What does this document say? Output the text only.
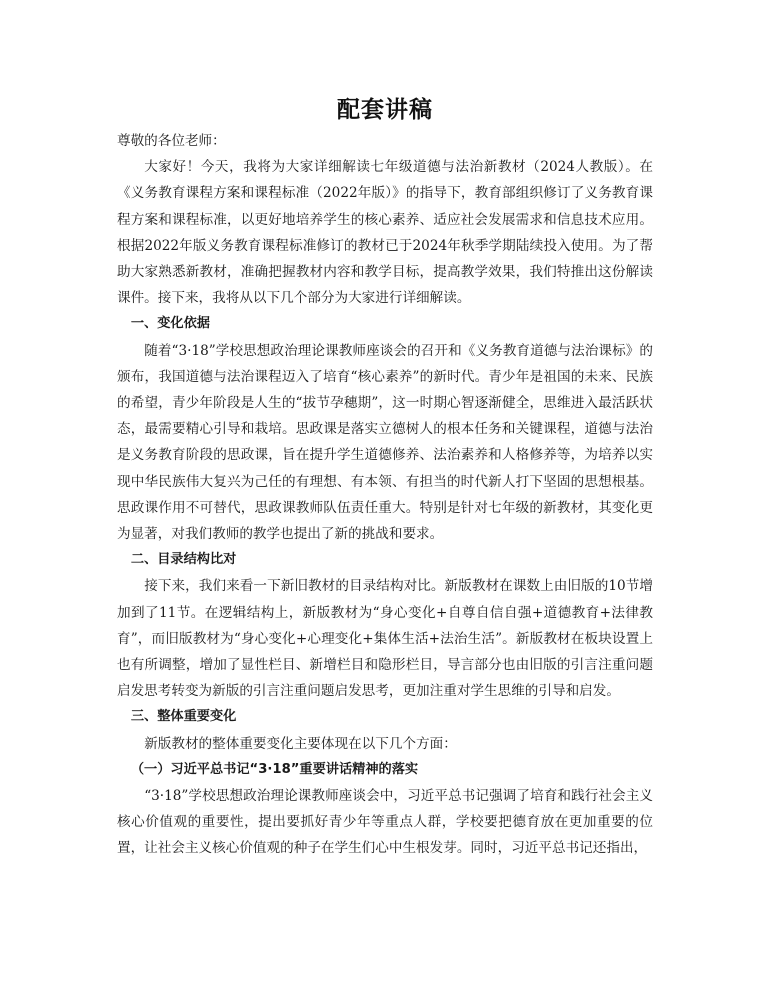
配套讲稿

尊敬的各位老师：

大家好！今天，我将为大家详细解读七年级道德与法治新教材（2024人教版）。在《义务教育课程方案和课程标准（2022年版）》的指导下，教育部组织修订了义务教育课程方案和课程标准，以更好地培养学生的核心素养、适应社会发展需求和信息技术应用。根据2022年版义务教育课程标准修订的教材已于2024年秋季学期陆续投入使用。为了帮助大家熟悉新教材，准确把握教材内容和教学目标，提高教学效果，我们特推出这份解读课件。接下来，我将从以下几个部分为大家进行详细解读。

一、变化依据

随着“3·18”学校思想政治理论课教师座谈会的召开和《义务教育道德与法治课标》的颁布，我国道德与法治课程迈入了培育“核心素养”的新时代。青少年是祖国的未来、民族的希望，青少年阶段是人生的“拔节孕穗期”，这一时期心智逐渐健全，思维进入最活跃状态，最需要精心引导和栽培。思政课是落实立德树人的根本任务和关键课程，道德与法治是义务教育阶段的思政课，旨在提升学生道德修养、法治素养和人格修养等，为培养以实现中华民族伟大复兴为己任的有理想、有本领、有担当的时代新人打下坚固的思想根基。思政课作用不可替代，思政课教师队伍责任重大。特别是针对七年级的新教材，其变化更为显著，对我们教师的教学也提出了新的挑战和要求。

二、目录结构比对

接下来，我们来看一下新旧教材的目录结构对比。新版教材在课数上由旧版的10节增加到了11节。在逻辑结构上，新版教材为“身心变化+自尊自信自强+道德教育+法律教育”，而旧版教材为“身心变化+心理变化+集体生活+法治生活”。新版教材在板块设置上也有所调整，增加了显性栏目、新增栏目和隐形栏目，导言部分也由旧版的引言注重问题启发思考转变为新版的引言注重问题启发思考，更加注重对学生思维的引导和启发。

三、整体重要变化

新版教材的整体重要变化主要体现在以下几个方面：

（一）习近平总书记“3·18”重要讲话精神的落实

“3·18”学校思想政治理论课教师座谈会中，习近平总书记强调了培育和践行社会主义核心价值观的重要性，提出要抓好青少年等重点人群，学校要把德育放在更加重要的位置，让社会主义核心价值观的种子在学生们心中生根发芽。同时，习近平总书记还指出，
